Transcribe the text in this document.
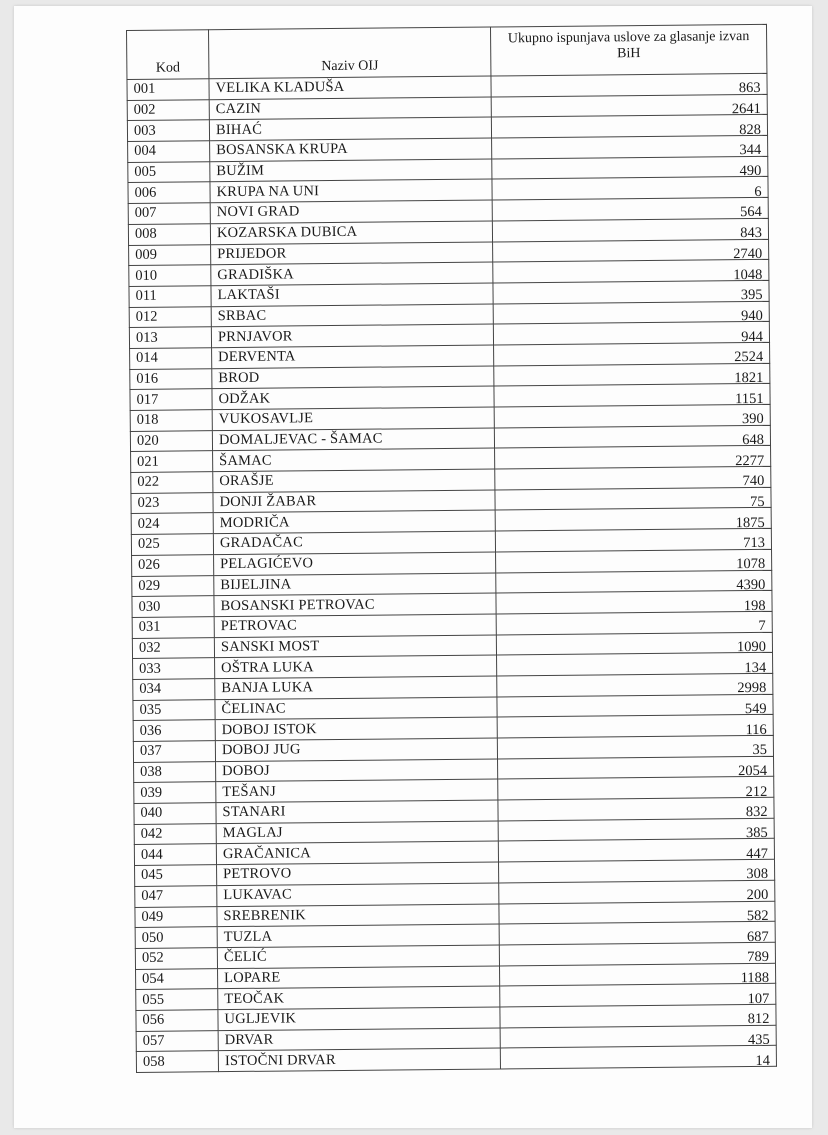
Kod	Naziv OIJ	Ukupno ispunjava uslove za glasanje izvan BiH
001	VELIKA KLADUŠA	863
002	CAZIN	2641
003	BIHAĆ	828
004	BOSANSKA KRUPA	344
005	BUŽIM	490
006	KRUPA NA UNI	6
007	NOVI GRAD	564
008	KOZARSKA DUBICA	843
009	PRIJEDOR	2740
010	GRADIŠKA	1048
011	LAKTAŠI	395
012	SRBAC	940
013	PRNJAVOR	944
014	DERVENTA	2524
016	BROD	1821
017	ODŽAK	1151
018	VUKOSAVLJE	390
020	DOMALJEVAC - ŠAMAC	648
021	ŠAMAC	2277
022	ORAŠJE	740
023	DONJI ŽABAR	75
024	MODRIČA	1875
025	GRADAČAC	713
026	PELAGIĆEVO	1078
029	BIJELJINA	4390
030	BOSANSKI PETROVAC	198
031	PETROVAC	7
032	SANSKI MOST	1090
033	OŠTRA LUKA	134
034	BANJA LUKA	2998
035	ČELINAC	549
036	DOBOJ ISTOK	116
037	DOBOJ JUG	35
038	DOBOJ	2054
039	TEŠANJ	212
040	STANARI	832
042	MAGLAJ	385
044	GRAČANICA	447
045	PETROVO	308
047	LUKAVAC	200
049	SREBRENIK	582
050	TUZLA	687
052	ČELIĆ	789
054	LOPARE	1188
055	TEOČAK	107
056	UGLJEVIK	812
057	DRVAR	435
058	ISTOČNI DRVAR	14
